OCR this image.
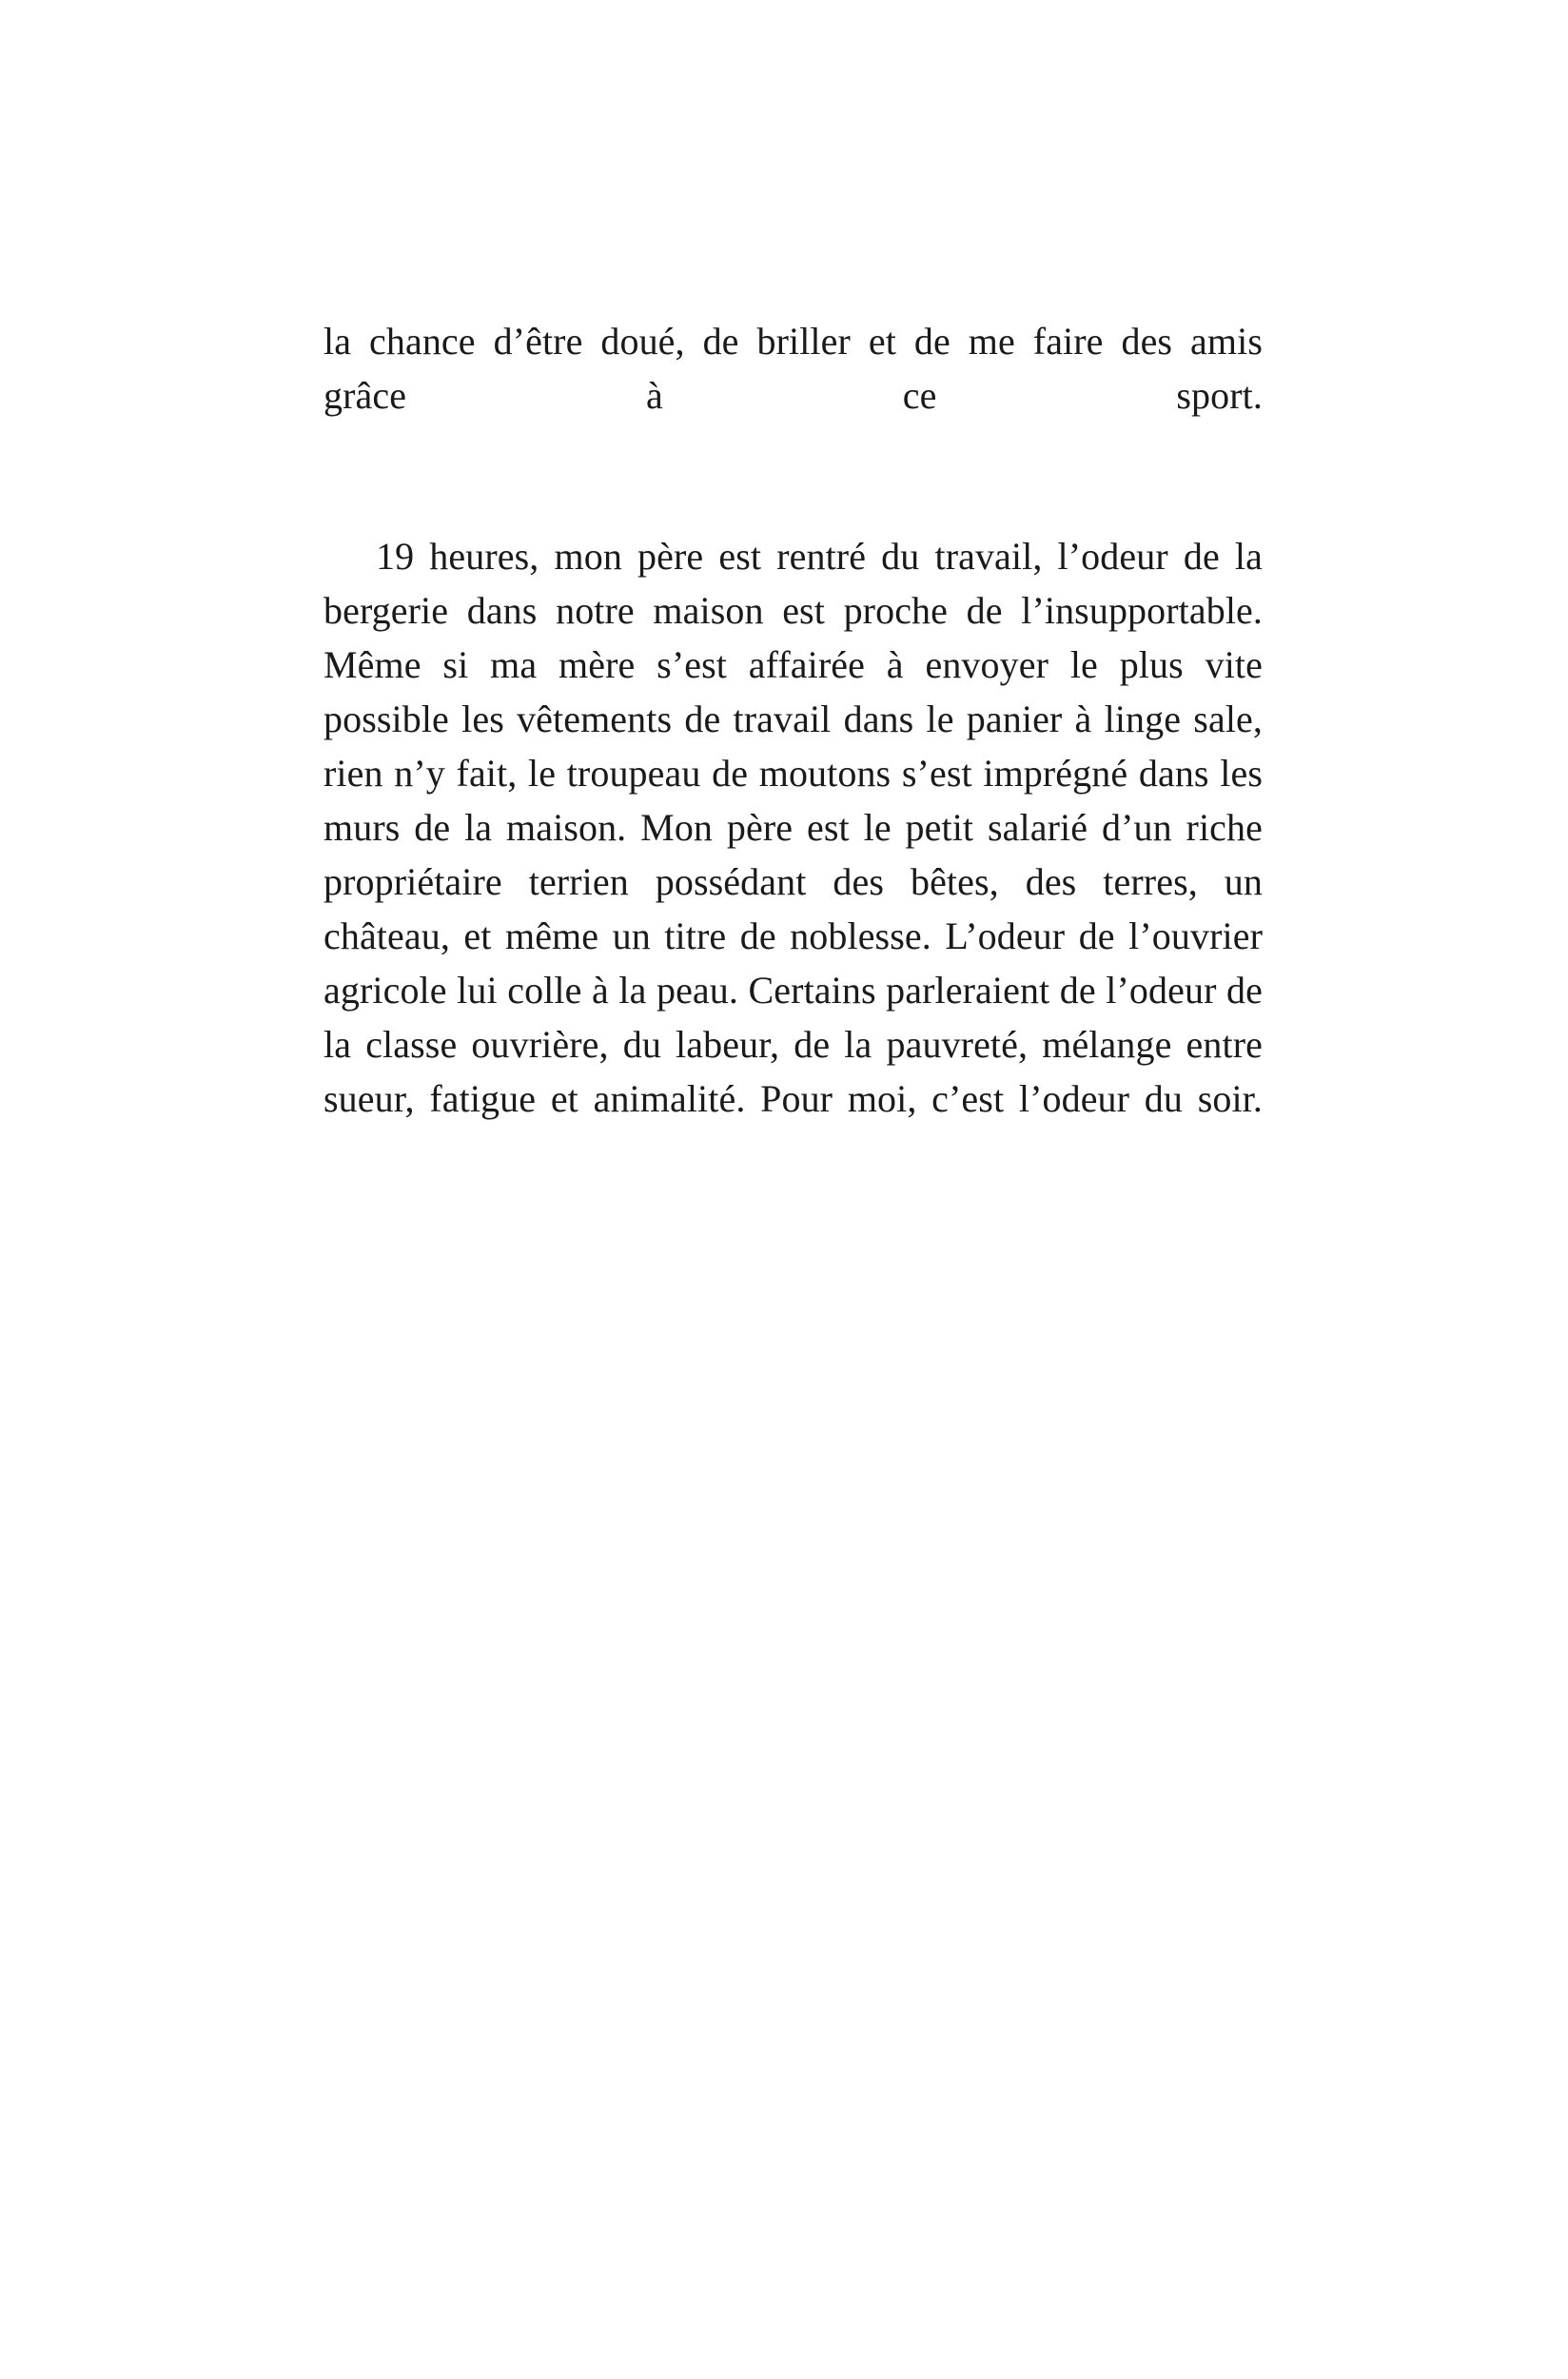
la chance d’être doué, de briller et de me faire des amis grâce à ce sport.

19 heures, mon père est rentré du travail, l’odeur de la bergerie dans notre maison est proche de l’insupportable. Même si ma mère s’est affairée à envoyer le plus vite possible les vêtements de travail dans le panier à linge sale, rien n’y fait, le troupeau de moutons s’est imprégné dans les murs de la maison. Mon père est le petit salarié d’un riche propriétaire terrien possédant des bêtes, des terres, un château, et même un titre de noblesse. L’odeur de l’ouvrier agricole lui colle à la peau. Certains parleraient de l’odeur de la classe ouvrière, du labeur, de la pauvreté, mélange entre sueur, fatigue et animalité. Pour moi, c’est l’odeur du soir.
